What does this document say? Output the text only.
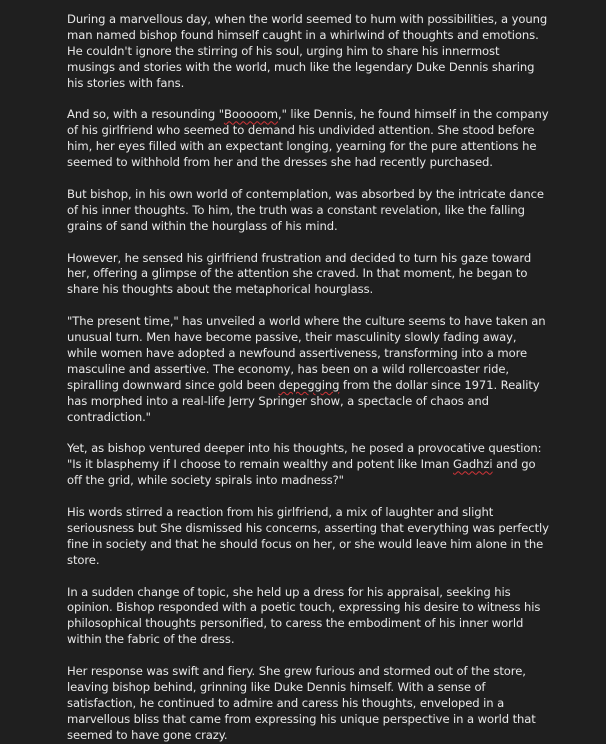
During a marvellous day, when the world seemed to hum with possibilities, a young man named bishop found himself caught in a whirlwind of thoughts and emotions. He couldn't ignore the stirring of his soul, urging him to share his innermost musings and stories with the world, much like the legendary Duke Dennis sharing his stories with fans.

And so, with a resounding "Booooom," like Dennis, he found himself in the company of his girlfriend who seemed to demand his undivided attention. She stood before him, her eyes filled with an expectant longing, yearning for the pure attentions he seemed to withhold from her and the dresses she had recently purchased.

But bishop, in his own world of contemplation, was absorbed by the intricate dance of his inner thoughts. To him, the truth was a constant revelation, like the falling grains of sand within the hourglass of his mind.

However, he sensed his girlfriend frustration and decided to turn his gaze toward her, offering a glimpse of the attention she craved. In that moment, he began to share his thoughts about the metaphorical hourglass.

"The present time," has unveiled a world where the culture seems to have taken an unusual turn. Men have become passive, their masculinity slowly fading away, while women have adopted a newfound assertiveness, transforming into a more masculine and assertive. The economy, has been on a wild rollercoaster ride, spiralling downward since gold been depegging from the dollar since 1971. Reality has morphed into a real-life Jerry Springer show, a spectacle of chaos and contradiction."

Yet, as bishop ventured deeper into his thoughts, he posed a provocative question: "Is it blasphemy if I choose to remain wealthy and potent like Iman Gadhzi and go off the grid, while society spirals into madness?"

His words stirred a reaction from his girlfriend, a mix of laughter and slight seriousness but She dismissed his concerns, asserting that everything was perfectly fine in society and that he should focus on her, or she would leave him alone in the store.

In a sudden change of topic, she held up a dress for his appraisal, seeking his opinion. Bishop responded with a poetic touch, expressing his desire to witness his philosophical thoughts personified, to caress the embodiment of his inner world within the fabric of the dress.

Her response was swift and fiery. She grew furious and stormed out of the store, leaving bishop behind, grinning like Duke Dennis himself. With a sense of satisfaction, he continued to admire and caress his thoughts, enveloped in a marvellous bliss that came from expressing his unique perspective in a world that seemed to have gone crazy.
